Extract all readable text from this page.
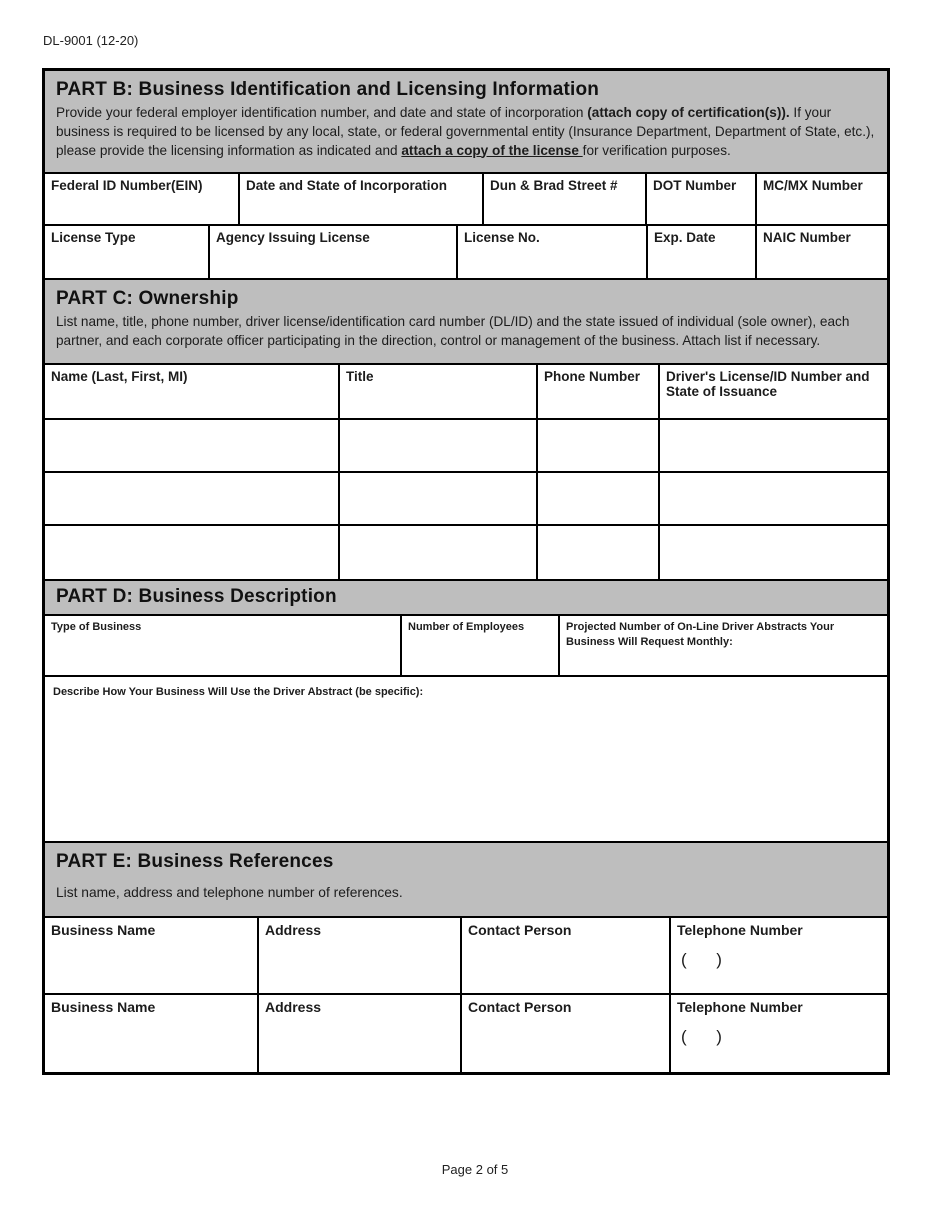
DL-9001 (12-20)
PART B: Business Identification and Licensing Information

Provide your federal employer identification number, and date and state of incorporation (attach copy of certification(s)). If your business is required to be licensed by any local, state, or federal governmental entity (Insurance Department, Department of State, etc.), please provide the licensing information as indicated and attach a copy of the license for verification purposes.

Federal ID Number(EIN)	Date and State of Incorporation	Dun & Brad Street #	DOT Number	MC/MX Number
License Type	Agency Issuing License	License No.	Exp. Date	NAIC Number
PART C: Ownership

List name, title, phone number, driver license/identification card number (DL/ID) and the state issued of individual (sole owner), each partner, and each corporate officer participating in the direction, control or management of the business. Attach list if necessary.

Name (Last, First, MI)	Title	Phone Number	Driver's License/ID Number and State of Issuance
PART D: Business Description
Type of Business	Number of Employees	Projected Number of On-Line Driver Abstracts Your Business Will Request Monthly:
Describe How Your Business Will Use the Driver Abstract (be specific):
PART E: Business References

List name, address and telephone number of references.

Business Name	Address	Contact Person	Telephone Number
(     )
Business Name	Address	Contact Person	Telephone Number
(     )
Page 2 of 5
